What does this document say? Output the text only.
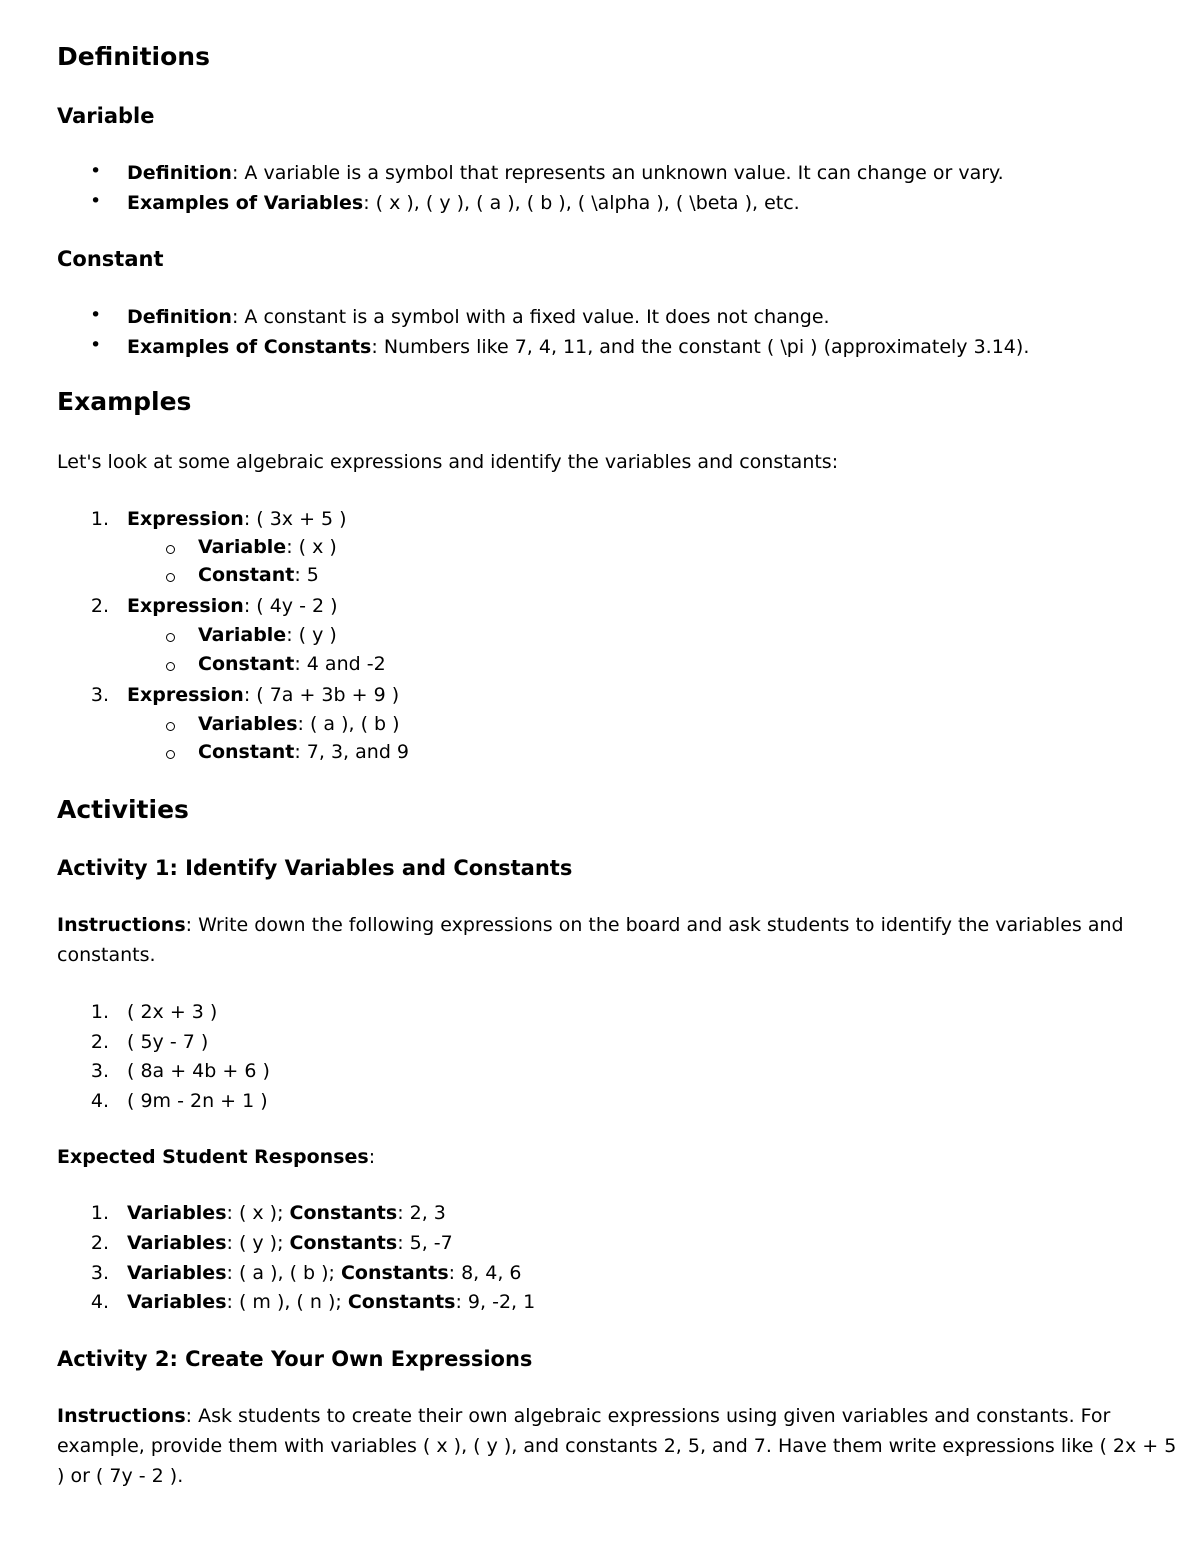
Definitions
Variable
• Definition: A variable is a symbol that represents an unknown value. It can change or vary.
• Examples of Variables: ( x ), ( y ), ( a ), ( b ), ( \alpha ), ( \beta ), etc.
Constant
• Definition: A constant is a symbol with a fixed value. It does not change.
• Examples of Constants: Numbers like 7, 4, 11, and the constant ( \pi ) (approximately 3.14).
Examples
Let's look at some algebraic expressions and identify the variables and constants:
1. Expression: ( 3x + 5 )
Variable: ( x )
Constant: 5
2. Expression: ( 4y - 2 )
Variable: ( y )
Constant: 4 and -2
3. Expression: ( 7a + 3b + 9 )
Variables: ( a ), ( b )
Constant: 7, 3, and 9
Activities
Activity 1: Identify Variables and Constants
Instructions: Write down the following expressions on the board and ask students to identify the variables and constants.
1. ( 2x + 3 )
2. ( 5y - 7 )
3. ( 8a + 4b + 6 )
4. ( 9m - 2n + 1 )
Expected Student Responses:
1. Variables: ( x ); Constants: 2, 3
2. Variables: ( y ); Constants: 5, -7
3. Variables: ( a ), ( b ); Constants: 8, 4, 6
4. Variables: ( m ), ( n ); Constants: 9, -2, 1
Activity 2: Create Your Own Expressions
Instructions: Ask students to create their own algebraic expressions using given variables and constants. For example, provide them with variables ( x ), ( y ), and constants 2, 5, and 7. Have them write expressions like ( 2x + 5 ) or ( 7y - 2 ).
